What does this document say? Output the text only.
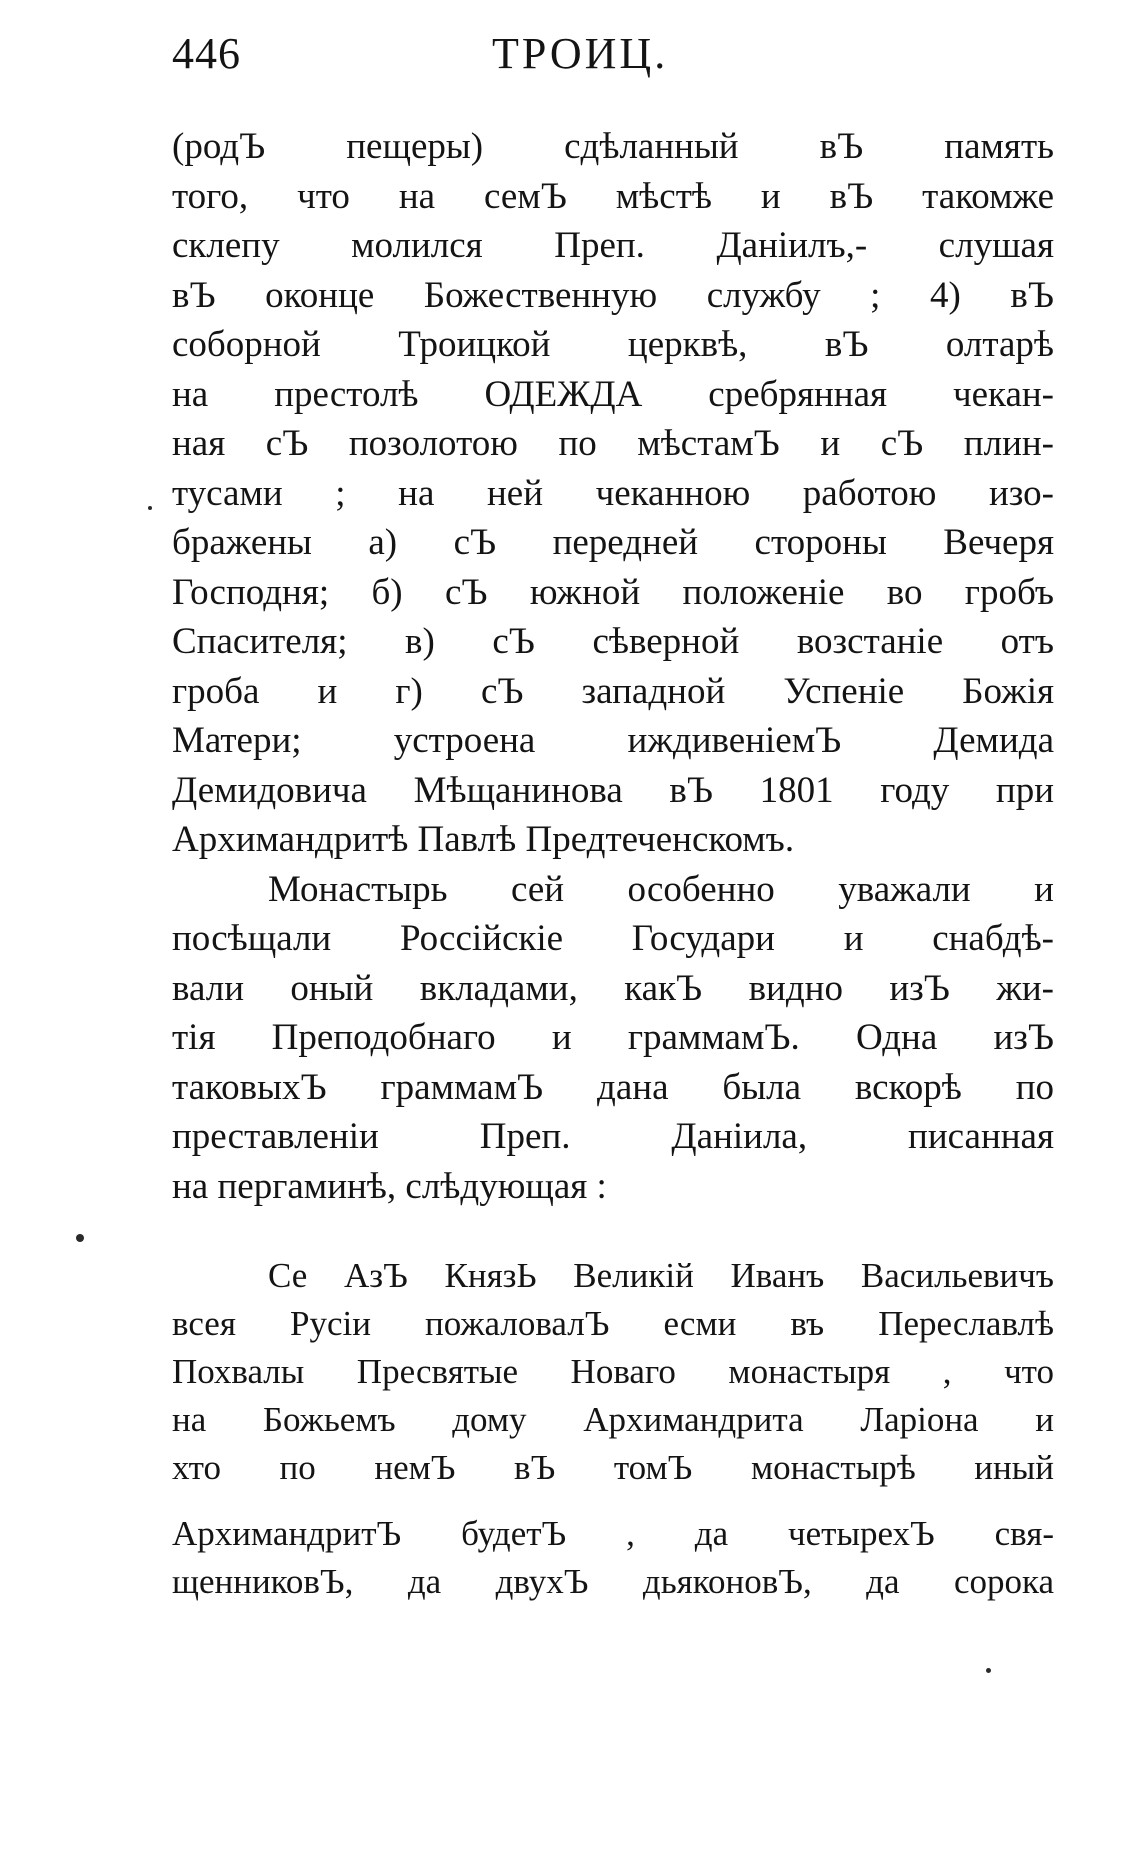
446	ТРОИЦ.
(родЪ пещеры) сдѣланный вЪ память
того, что на семЪ мѣстѣ и вЪ такомже
склепу молился Преп. Даніилъ,- слушая
вЪ оконце Божественную службу ; 4) вЪ
соборной Троицкой церквѣ, вЪ олтарѣ
на престолѣ ОДЕЖДА сребрянная чекан-
ная сЪ позолотою по мѣстамЪ и сЪ плин-
тусами ; на ней чеканною работою изо-
бражены а) сЪ передней стороны Вечеря
Господня; б) сЪ южной положеніе во гробъ
Спасителя; в) сЪ сѣверной возстаніе отъ
гроба и г) сЪ западной Успеніе Божія
Матери; устроена иждивеніемЪ Демида
Демидовича Мѣщанинова вЪ 1801 году при
Архимандритѣ Павлѣ Предтеченскомъ.
Монастырь сей особенно уважали и
посѣщали Россійскіе Государи и снабдѣ-
вали оный вкладами, какЪ видно изЪ жи-
тія Преподобнаго и граммамЪ. Одна изЪ
таковыхЪ граммамЪ дана была вскорѣ по
преставленіи Преп. Даніила, писанная
на пергаминѣ, слѣдующая :
Се АзЪ КнязЬ Великій Иванъ Васильевичъ
всея Русіи пожаловалЪ есми въ Переславлѣ
Похвалы Пресвятые Новаго монастыря , что
на Божьемъ дому Архимандрита Ларіона и
хто по немЪ вЪ томЪ монастырѣ иный
АрхимандритЪ будетЪ , да четырехЪ свя-
щенниковЪ, да двухЪ дьяконовЪ, да сорока
